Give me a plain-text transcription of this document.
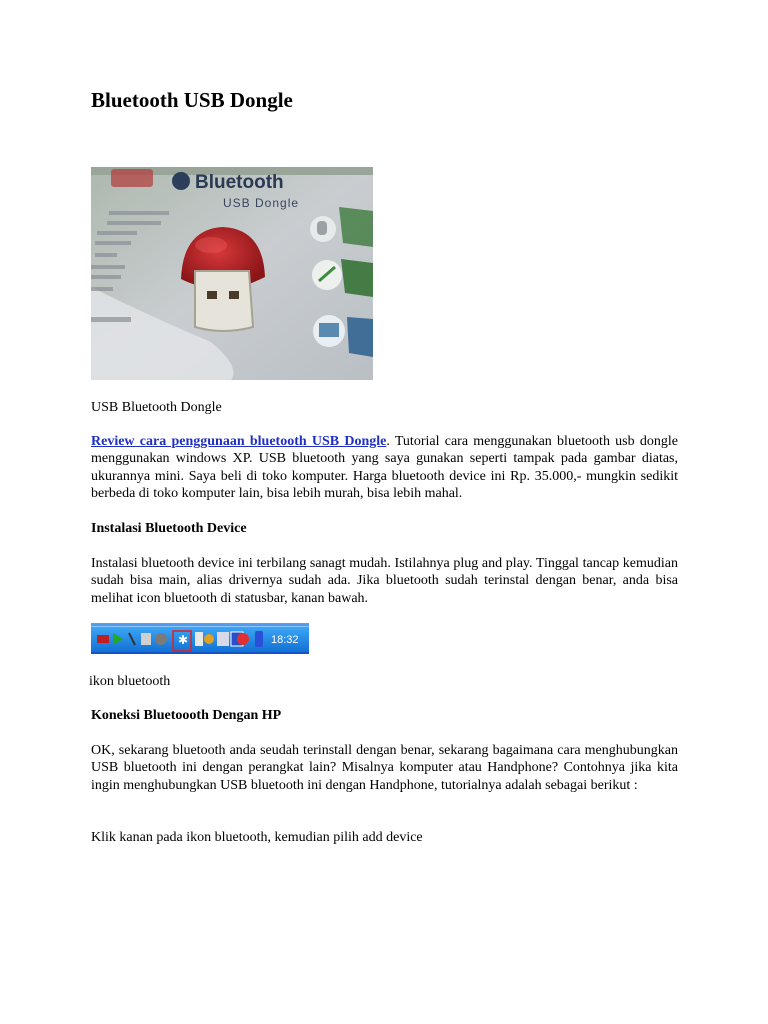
Bluetooth USB Dongle
Bluetooth
USB Dongle
USB Bluetooth Dongle

Review cara penggunaan bluetooth USB Dongle. Tutorial cara menggunakan bluetooth usb dongle menggunakan windows XP. USB bluetooth yang saya gunakan seperti tampak pada gambar diatas, ukurannya mini. Saya beli di toko komputer. Harga bluetooth device ini Rp. 35.000,- mungkin sedikit berbeda di toko komputer lain, bisa lebih murah, bisa lebih mahal.

Instalasi Bluetooth Device

Instalasi bluetooth device ini terbilang sanagt mudah. Istilahnya plug and play. Tinggal tancap kemudian sudah bisa main, alias drivernya sudah ada. Jika bluetooth sudah terinstal dengan benar, anda bisa melihat icon bluetooth di statusbar, kanan bawah.

✱	18:32
ikon bluetooth
Koneksi Bluetoooth Dengan HP

OK, sekarang bluetooth anda seudah terinstall dengan benar, sekarang bagaimana cara menghubungkan USB bluetooth ini dengan perangkat lain? Misalnya komputer atau Handphone? Contohnya jika kita ingin menghubungkan USB bluetooth ini dengan Handphone, tutorialnya adalah sebagai berikut :

Klik kanan pada ikon bluetooth, kemudian pilih add device
